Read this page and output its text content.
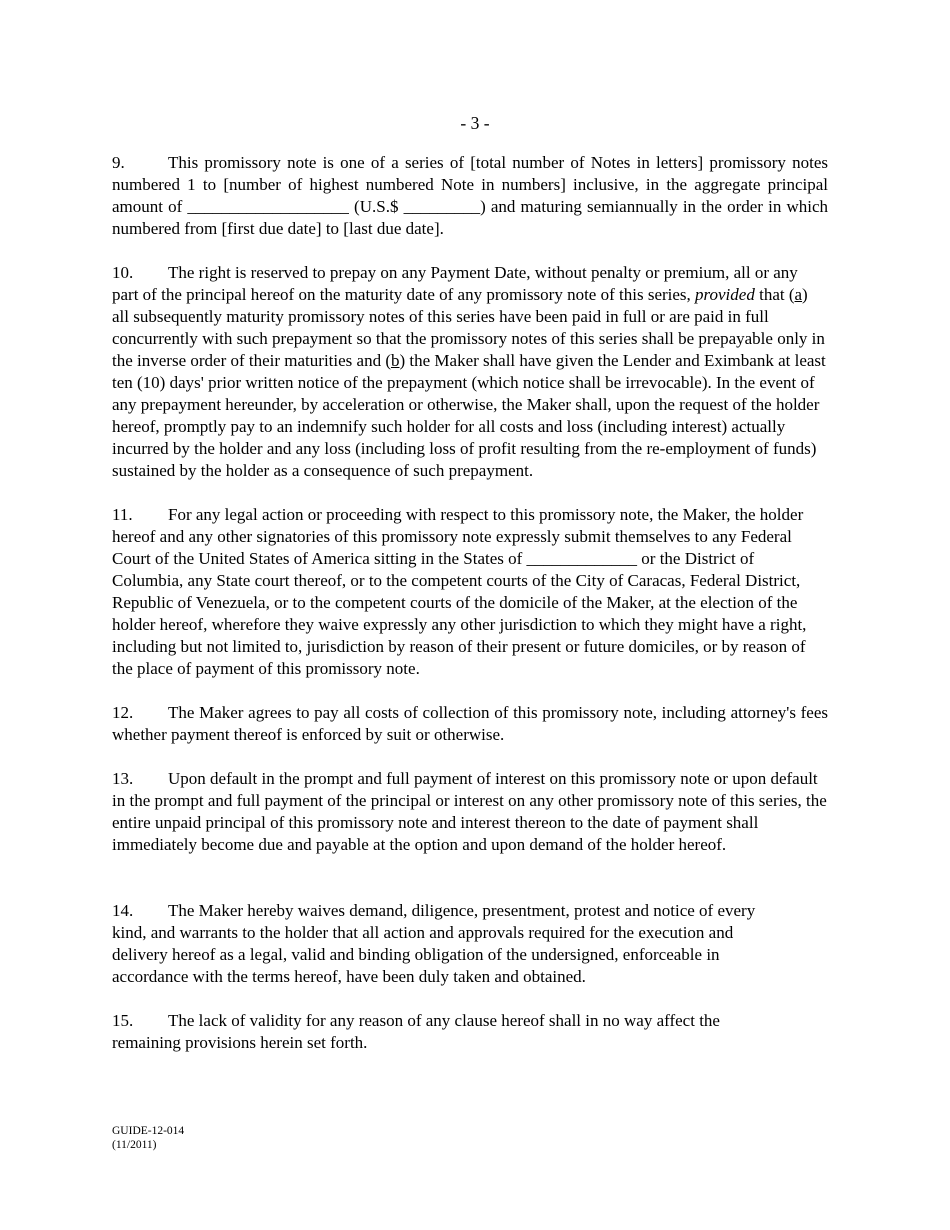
- 3 -

9.	This promissory note is one of a series of [total number of Notes in letters] promissory notes numbered 1 to [number of highest numbered Note in numbers] inclusive, in the aggregate principal amount of ___________________ (U.S.$ _________) and maturing semiannually in the order in which numbered from [first due date] to [last due date].

10. The right is reserved to prepay on any Payment Date, without penalty or premium, all or any part of the principal hereof on the maturity date of any promissory note of this series, provided that (a) all subsequently maturity promissory notes of this series have been paid in full or are paid in full concurrently with such prepayment so that the promissory notes of this series shall be prepayable only in the inverse order of their maturities and (b) the Maker shall have given the Lender and Eximbank at least ten (10) days' prior written notice of the prepayment (which notice shall be irrevocable). In the event of any prepayment hereunder, by acceleration or otherwise, the Maker shall, upon the request of the holder hereof, promptly pay to an indemnify such holder for all costs and loss (including interest) actually incurred by the holder and any loss (including loss of profit resulting from the re-employment of funds) sustained by the holder as a consequence of such prepayment.

11. For any legal action or proceeding with respect to this promissory note, the Maker, the holder hereof and any other signatories of this promissory note expressly submit themselves to any Federal Court of the United States of America sitting in the States of _____________ or the District of Columbia, any State court thereof, or to the competent courts of the City of Caracas, Federal District, Republic of Venezuela, or to the competent courts of the domicile of the Maker, at the election of the holder hereof, wherefore they waive expressly any other jurisdiction to which they might have a right, including but not limited to, jurisdiction by reason of their present or future domiciles, or by reason of the place of payment of this promissory note.

12. The Maker agrees to pay all costs of collection of this promissory note, including attorney's fees whether payment thereof is enforced by suit or otherwise.

13. Upon default in the prompt and full payment of interest on this promissory note or upon default in the prompt and full payment of the principal or interest on any other promissory note of this series, the entire unpaid principal of this promissory note and interest thereon to the date of payment shall immediately become due and payable at the option and upon demand of the holder hereof.

14. The Maker hereby waives demand, diligence, presentment, protest and notice of every kind, and warrants to the holder that all action and approvals required for the execution and delivery hereof as a legal, valid and binding obligation of the undersigned, enforceable in accordance with the terms hereof, have been duly taken and obtained.

15. The lack of validity for any reason of any clause hereof shall in no way affect the remaining provisions herein set forth.

GUIDE-12-014
(11/2011)
